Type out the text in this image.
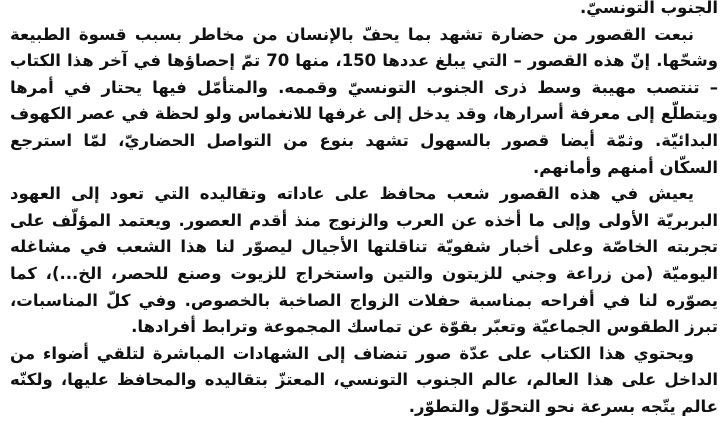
الجنوب التونسيّ.

نبعت القصور من حضارة تشهد بما يحفّ بالإنسان من مخاطر بسبب قسوة الطبيعة وشحّها. إنّ هذه القصور – التي يبلغ عددها 150، منها 70 تمّ إحصاؤها في آخر هذا الكتاب – تنتصب مهيبة وسط ذرى الجنوب التونسيّ وقممه. والمتأمّل فيها يحتار في أمرها ويتطلّع إلى معرفة أسرارها، وقد يدخل إلى غرفها للانغماس ولو لحظة في عصر الكهوف البدائيّة. وثمّة أيضا قصور بالسهول تشهد بنوع من التواصل الحضاريّ، لمّا استرجع السكّان أمنهم وأمانهم.

يعيش في هذه القصور شعب محافظ على عاداته وتقاليده التي تعود إلى العهود البربريّة الأولى وإلى ما أخذه عن العرب والزنوج منذ أقدم العصور. ويعتمد المؤلّف على تجربته الخاصّة وعلى أخبار شفويّة تناقلتها الأجيال ليصوّر لنا هذا الشعب في مشاغله اليوميّة (من زراعة وجني للزيتون والتين واستخراج للزيوت وصنع للحصر، الخ...)، كما يصوّره لنا في أفراحه بمناسبة حفلات الزواج الصاخبة بالخصوص. وفي كلّ المناسبات، تبرز الطقوس الجماعيّة وتعبّر بقوّة عن تماسك المجموعة وترابط أفرادها.

ويحتوي هذا الكتاب على عدّة صور تنضاف إلى الشهادات المباشرة لتلقي أضواء من الداخل على هذا العالم، عالم الجنوب التونسي، المعتزّ بتقاليده والمحافظ عليها، ولكنّه عالم يتّجه بسرعة نحو التحوّل والتطوّر.
